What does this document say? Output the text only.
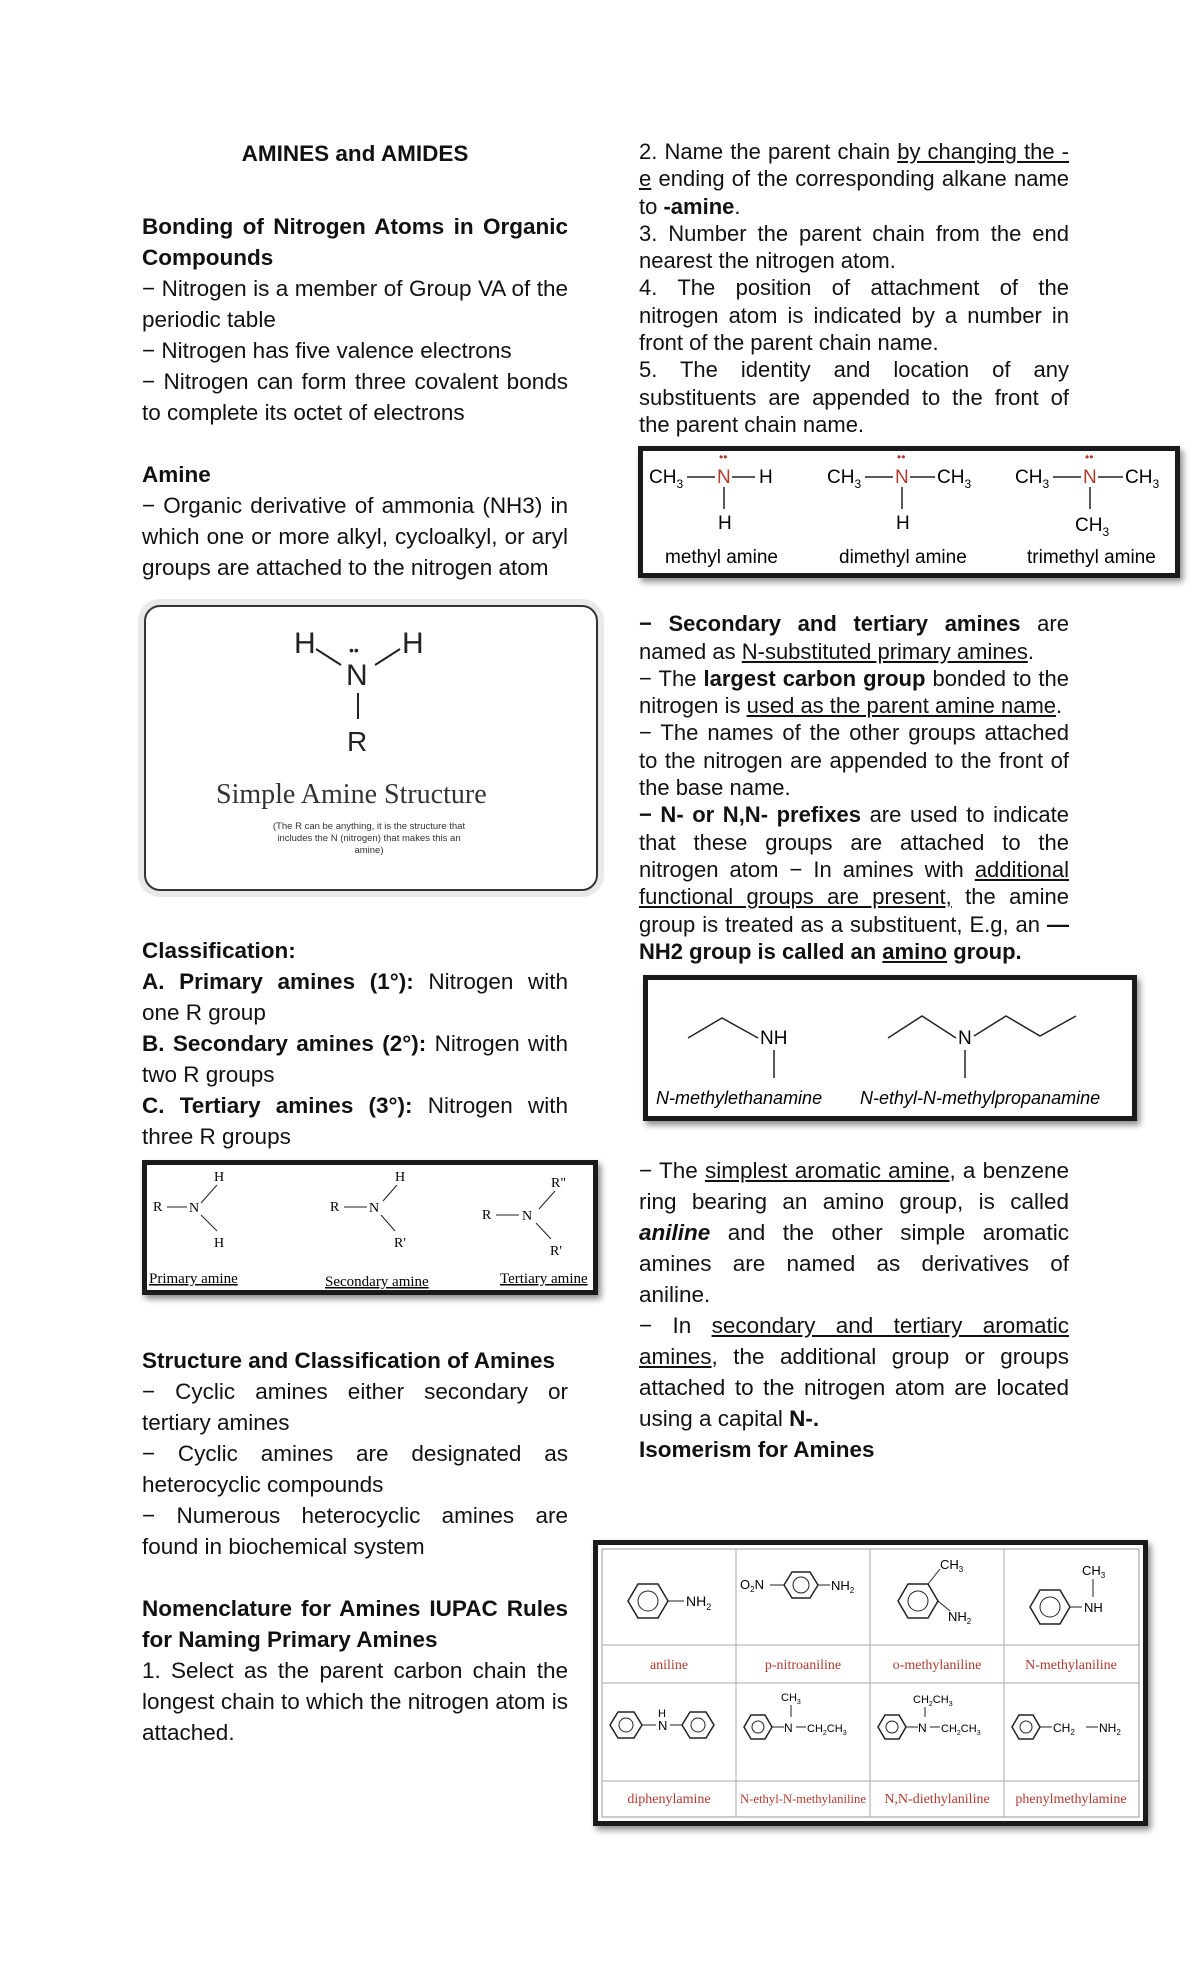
AMINES and AMIDES

Bonding of Nitrogen Atoms in Organic Compounds

− Nitrogen is a member of Group VA of the periodic table

− Nitrogen has five valence electrons

− Nitrogen can form three covalent bonds to complete its octet of electrons

Amine

− Organic derivative of ammonia (NH3) in which one or more alkyl, cycloalkyl, or aryl groups are attached to the nitrogen atom

H	H
••
N
R
Simple Amine Structure
(The R can be anything, it is the structure that
includes the N (nitrogen) that makes this an
amine)

Classification:

A. Primary amines (1°): Nitrogen with one R group

B. Secondary amines (2°): Nitrogen with two R groups

C. Tertiary amines (3°): Nitrogen with three R groups

H
R N
H
Primary amine
H
R N
R'
Secondary amine
R"
R N
R'
Tertiary amine

Structure and Classification of Amines

− Cyclic amines either secondary or tertiary amines

− Cyclic amines are designated as heterocyclic compounds

− Numerous heterocyclic amines are found in biochemical system

Nomenclature for Amines IUPAC Rules for Naming Primary Amines

1. Select as the parent carbon chain the longest chain to which the nitrogen atom is attached.

2. Name the parent chain by changing the -e ending of the corresponding alkane name to -amine.

3. Number the parent chain from the end nearest the nitrogen atom.

4. The position of attachment of the nitrogen atom is indicated by a number in front of the parent chain name.

5. The identity and location of any substituents are appended to the front of the parent chain name.

$CH_3$ N
••
H
H
$CH_3$ N
••
$CH_3$
H
$CH_3$ N
••
$CH_3$
$CH_3$
methyl amine	dimethyl amine	trimethyl amine

− Secondary and tertiary amines are named as N-substituted primary amines.

− The largest carbon group bonded to the nitrogen is used as the parent amine name.

− The names of the other groups attached to the nitrogen are appended to the front of the base name.

− N- or N,N- prefixes are used to indicate that these groups are attached to the nitrogen atom − In amines with additional functional groups are present, the amine group is treated as a substituent, E.g, an —NH2 group is called an amino group.

NH	N
N-methylethanamine N-ethyl-N-methylpropanamine

− The simplest aromatic amine, a benzene ring bearing an amino group, is called aniline and the other simple aromatic amines are named as derivatives of aniline.

− In secondary and tertiary aromatic amines, the additional group or groups attached to the nitrogen atom are located using a capital N-.

Isomerism for Amines

$NH_2$
$O_2N$	$NH_2$
$CH_3$
$NH_2$
NH
$CH_3$
H
N	N
$CH_3$
$CH_2CH_3$	N
$CH_2CH_3$
$CH_2CH_3$	$CH_2$ $NH_2$
aniline	p-nitroaniline	o-methylaniline	N-methylaniline
diphenylamine N-ethyl-N-methylaniline N,N-diethylaniline phenylmethylamine
